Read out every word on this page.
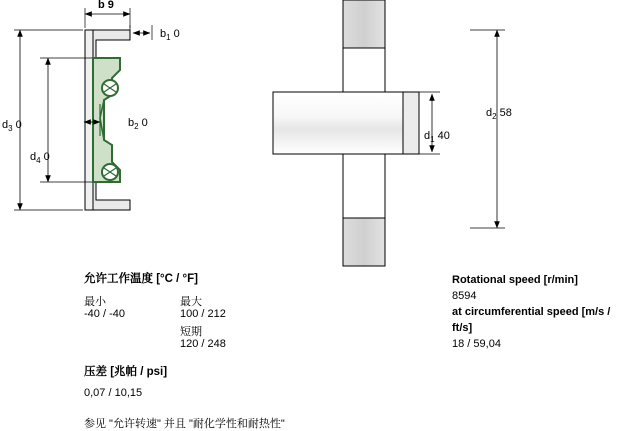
b 9
$b_1$ 0
$b_2$ 0
$d_3$ 0
$d_4$ 0
$d_1$ 40
$d_2$ 58
允许工作温度 [°C / °F]
最小	最大
-40 / -40	100 / 212
短期
120 / 248
压差 [兆帕 / psi]
0,07 / 10,15
参见 "允许转速" 并且 "耐化学性和耐热性"
Rotational speed [r/min]
8594
at circumferential speed [m/s / ft/s]
18 / 59,04
